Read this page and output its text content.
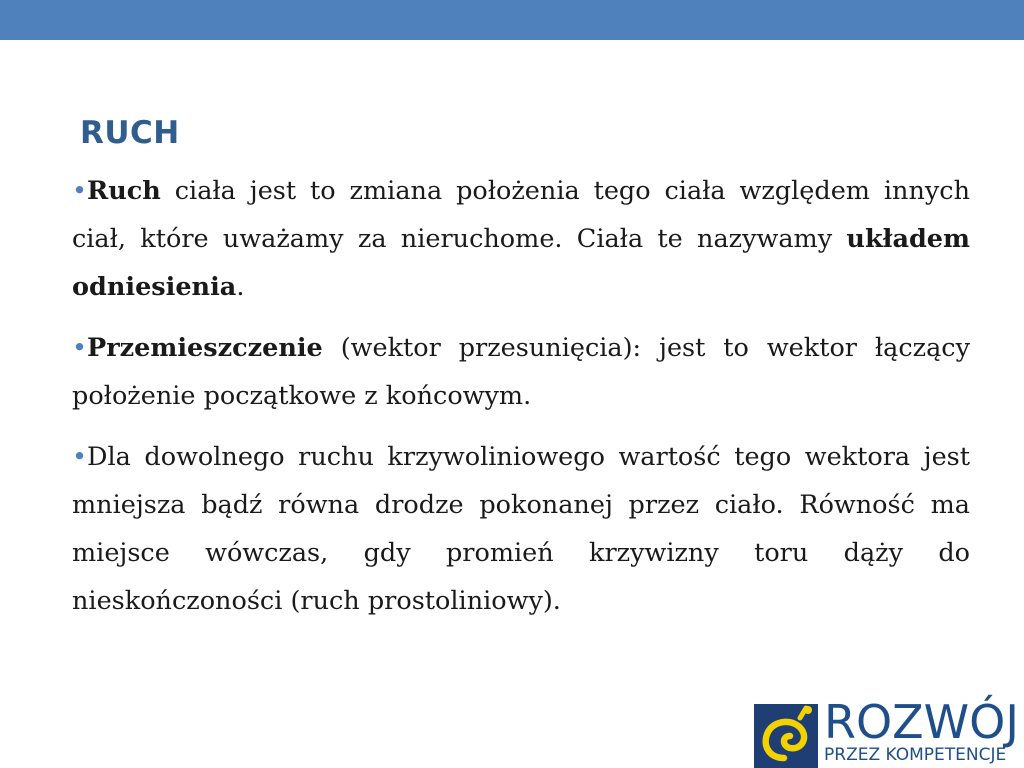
RUCH

•Ruch ciała jest to zmiana położenia tego ciała względem innych ciał, które uważamy za nieruchome. Ciała te nazywamy układem odniesienia.

•Przemieszczenie (wektor przesunięcia): jest to wektor łączący położenie początkowe z końcowym.

•Dla dowolnego ruchu krzywoliniowego wartość tego wektora jest mniejsza bądź równa drodze pokonanej przez ciało. Równość ma miejsce wówczas, gdy promień krzywizny toru dąży do nieskończoności (ruch prostoliniowy).

ROZWÓJ
PRZEZ KOMPETENCJE
